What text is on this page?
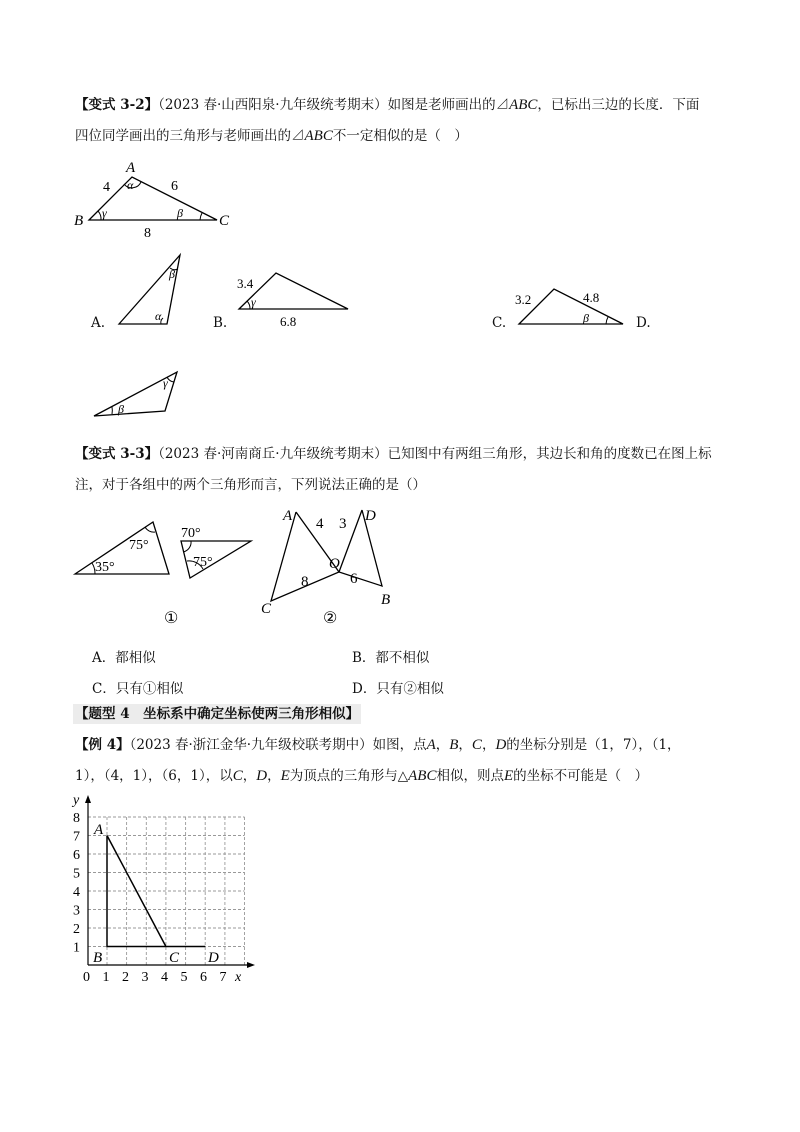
【变式 3-2】（2023 春·山西阳泉·九年级统考期末）如图是老师画出的⊿ABC，已标出三边的长度．下面
四位同学画出的三角形与老师画出的⊿ABC不一定相似的是（　）
A
B	C
4	6
8
α
γ	β
A.
β
α	B.
3.4
6.8
γ
C.
3.2	4.8
β	D.
γ
β
【变式 3-3】（2023 春·河南商丘·九年级统考期末）已知图中有两组三角形，其边长和角的度数已在图上标
注，对于各组中的两个三角形而言，下列说法正确的是（）
75°
35°
70°
75°
①
A	D
O
C
B
4 3
8	6
②
A．都相似	B．都不相似
C．只有①相似	D．只有②相似
【题型 4　坐标系中确定坐标使两三角形相似】
【例 4】（2023 春·浙江金华·九年级校联考期中）如图，点A，B，C，D的坐标分别是（1，7），（1，
1），（4，1），（6，1），以C，D，E为顶点的三角形与△ABC相似，则点E的坐标不可能是（　）
y
x
8
7
6
5
4
3
2
1
0 1 2 3 4 5 6 7
A
B	C D
